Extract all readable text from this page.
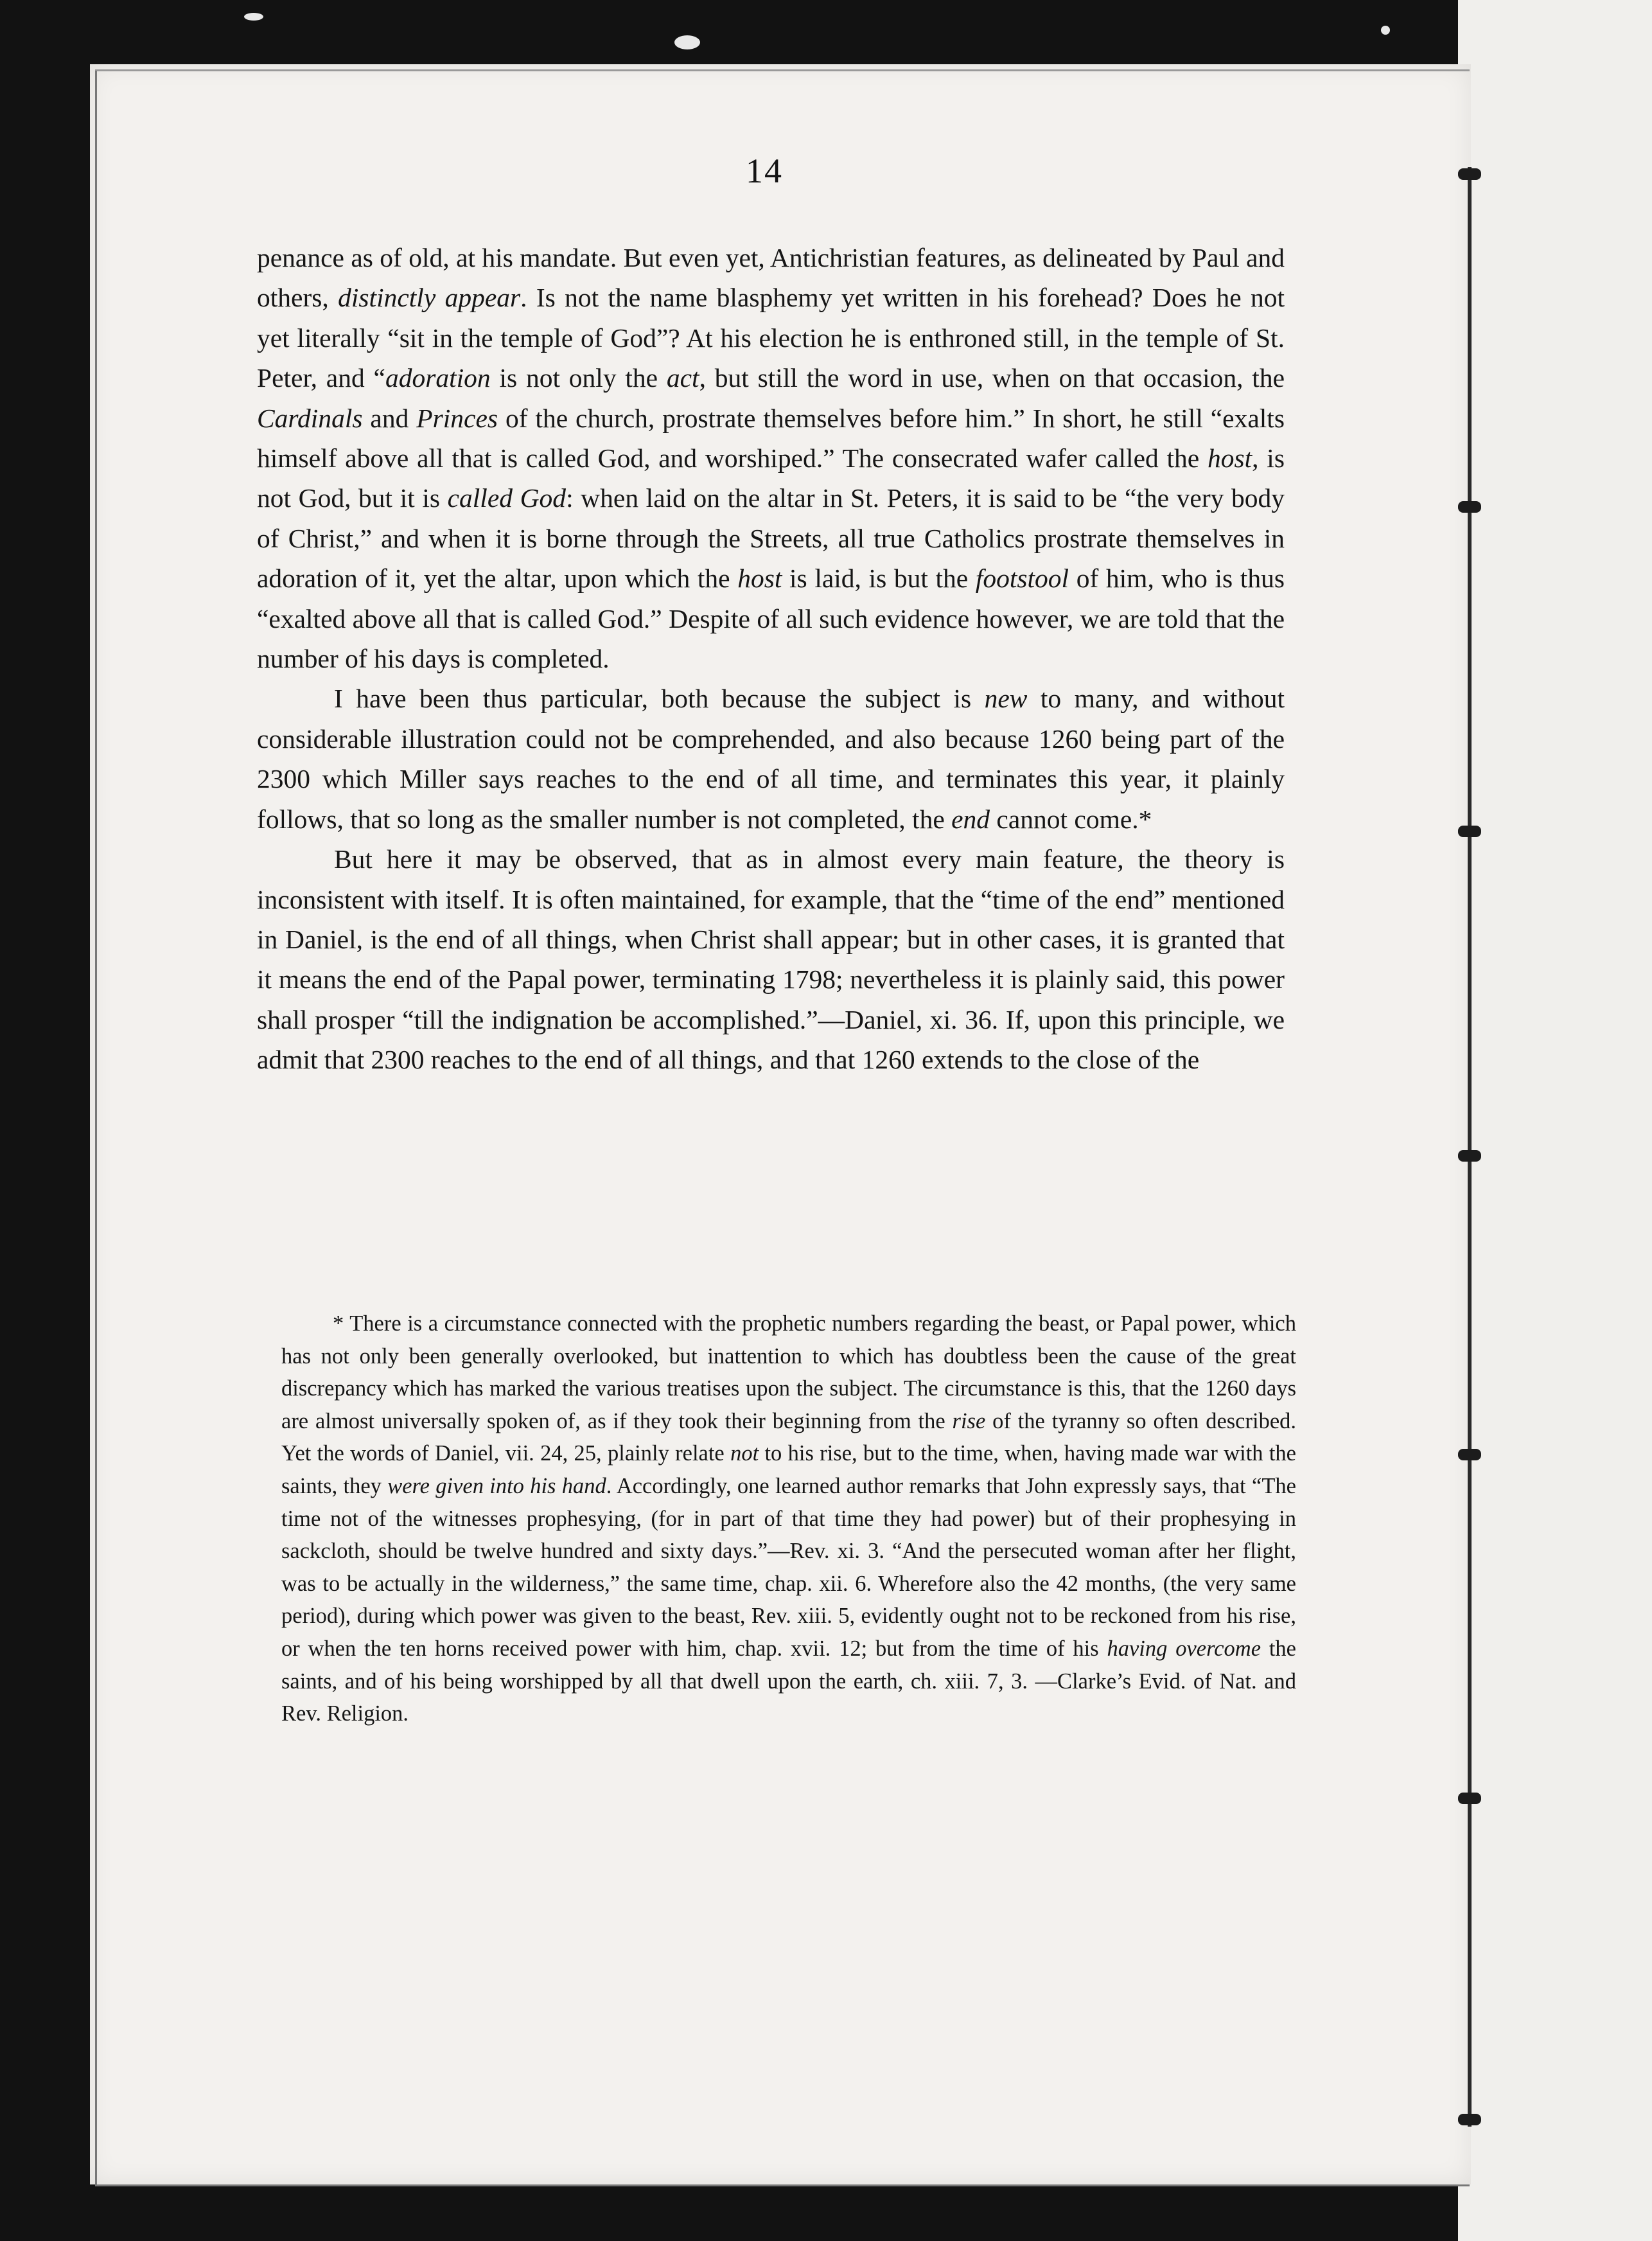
14

penance as of old, at his mandate. But even yet, Antichristian features, as delineated by Paul and others, distinctly appear. Is not the name blasphemy yet written in his forehead? Does he not yet literally “sit in the temple of God”? At his election he is enthroned still, in the temple of St. Peter, and “adoration is not only the act, but still the word in use, when on that occasion, the Cardinals and Princes of the church, prostrate themselves before him.” In short, he still “exalts himself above all that is called God, and worshiped.” The consecrated wafer called the host, is not God, but it is called God: when laid on the altar in St. Peters, it is said to be “the very body of Christ,” and when it is borne through the Streets, all true Catholics prostrate themselves in adoration of it, yet the altar, upon which the host is laid, is but the footstool of him, who is thus “exalted above all that is called God.” Despite of all such evidence however, we are told that the number of his days is completed.

I have been thus particular, both because the subject is new to many, and without considerable illustration could not be comprehended, and also because 1260 being part of the 2300 which Miller says reaches to the end of all time, and terminates this year, it plainly follows, that so long as the smaller number is not completed, the end cannot come.*

But here it may be observed, that as in almost every main feature, the theory is inconsistent with itself. It is often maintained, for example, that the “time of the end” mentioned in Daniel, is the end of all things, when Christ shall appear; but in other cases, it is granted that it means the end of the Papal power, terminating 1798; nevertheless it is plainly said, this power shall prosper “till the indignation be accomplished.”—Daniel, xi. 36. If, upon this principle, we admit that 2300 reaches to the end of all things, and that 1260 extends to the close of the

* There is a circumstance connected with the prophetic numbers regarding the beast, or Papal power, which has not only been generally overlooked, but inattention to which has doubtless been the cause of the great discrepancy which has marked the various treatises upon the subject. The circumstance is this, that the 1260 days are almost universally spoken of, as if they took their beginning from the rise of the tyranny so often described. Yet the words of Daniel, vii. 24, 25, plainly relate not to his rise, but to the time, when, having made war with the saints, they were given into his hand. Accordingly, one learned author remarks that John expressly says, that “The time not of the witnesses prophesying, (for in part of that time they had power) but of their prophesying in sackcloth, should be twelve hundred and sixty days.”—Rev. xi. 3. “And the persecuted woman after her flight, was to be actually in the wilderness,” the same time, chap. xii. 6. Wherefore also the 42 months, (the very same period), during which power was given to the beast, Rev. xiii. 5, evidently ought not to be reckoned from his rise, or when the ten horns received power with him, chap. xvii. 12; but from the time of his having overcome the saints, and of his being worshipped by all that dwell upon the earth, ch. xiii. 7, 3. —Clarke’s Evid. of Nat. and Rev. Religion.
